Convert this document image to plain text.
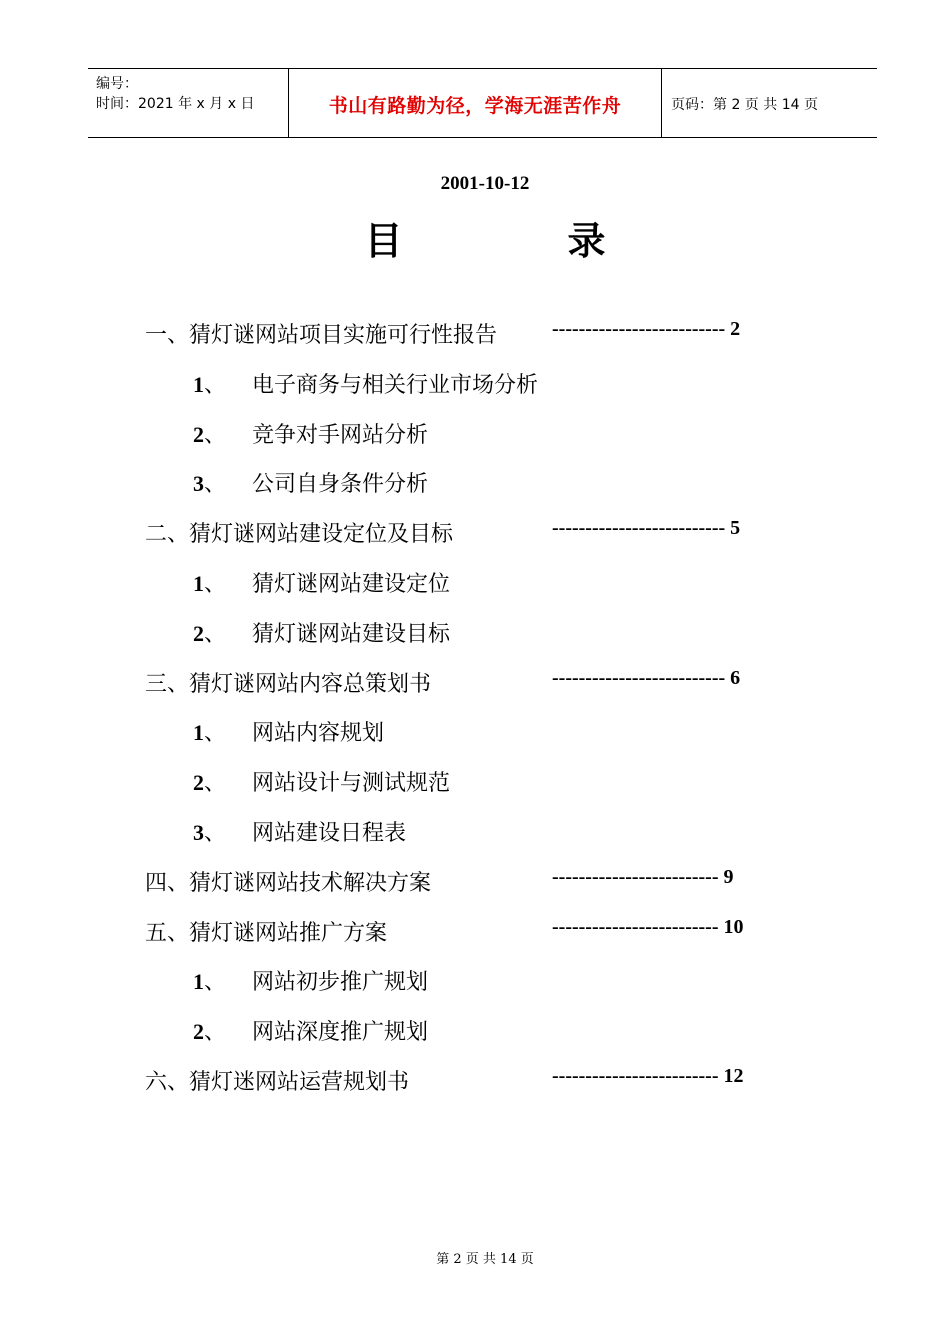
编号：
时间：2021 年 x 月 x 日	书山有路勤为径，学海无涯苦作舟	页码：第 2 页 共 14 页
2001-10-12
目录
一、猜灯谜网站项目实施可行性报告	-------------------------- 2
1、 电子商务与相关行业市场分析
2、 竞争对手网站分析
3、 公司自身条件分析
二、猜灯谜网站建设定位及目标	-------------------------- 5
1、 猜灯谜网站建设定位
2、 猜灯谜网站建设目标
三、猜灯谜网站内容总策划书	-------------------------- 6
1、 网站内容规划
2、 网站设计与测试规范
3、 网站建设日程表
四、猜灯谜网站技术解决方案	------------------------- 9
五、猜灯谜网站推广方案	------------------------- 10
1、 网站初步推广规划
2、 网站深度推广规划
六、猜灯迷网站运营规划书	------------------------- 12
第 2 页 共 14 页
